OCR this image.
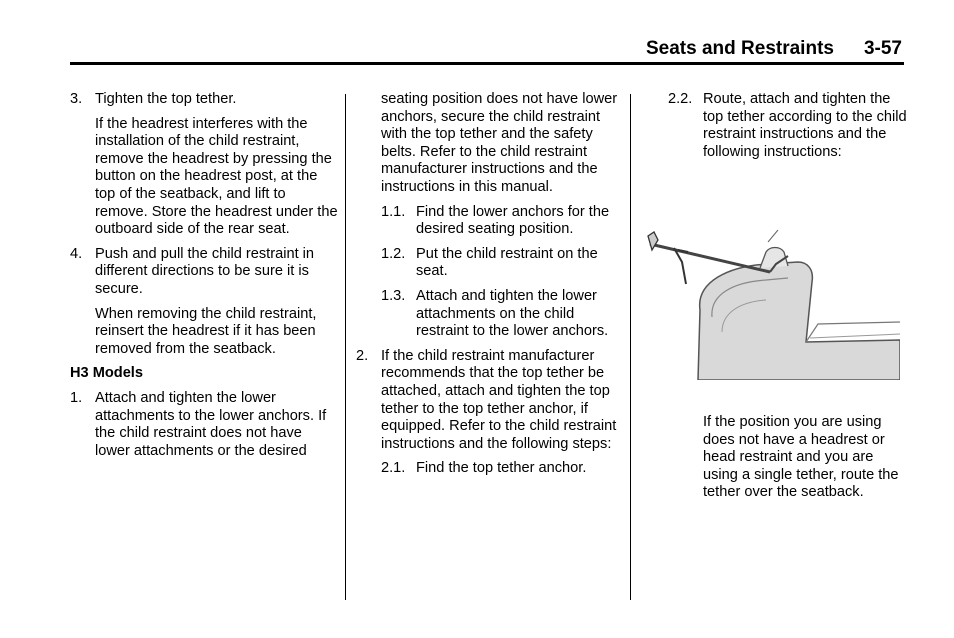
Seats and Restraints 3-57
3. Tighten the top tether.
If the headrest interferes with the installation of the child restraint, remove the headrest by pressing the button on the headrest post, at the top of the seatback, and lift to remove. Store the headrest under the outboard side of the rear seat.
4. Push and pull the child restraint in different directions to be sure it is secure.
When removing the child restraint, reinsert the headrest if it has been removed from the seatback.
H3 Models
1. Attach and tighten the lower attachments to the lower anchors. If the child restraint does not have lower attachments or the desired
seating position does not have lower anchors, secure the child restraint with the top tether and the safety belts. Refer to the child restraint manufacturer instructions and the instructions in this manual.
1.1. Find the lower anchors for the desired seating position.
1.2. Put the child restraint on the seat.
1.3. Attach and tighten the lower attachments on the child restraint to the lower anchors.
2. If the child restraint manufacturer recommends that the top tether be attached, attach and tighten the top tether to the top tether anchor, if equipped. Refer to the child restraint instructions and the following steps:
2.1. Find the top tether anchor.
2.2. Route, attach and tighten the top tether according to the child restraint instructions and the following instructions:
If the position you are using does not have a headrest or head restraint and you are using a single tether, route the tether over the seatback.
